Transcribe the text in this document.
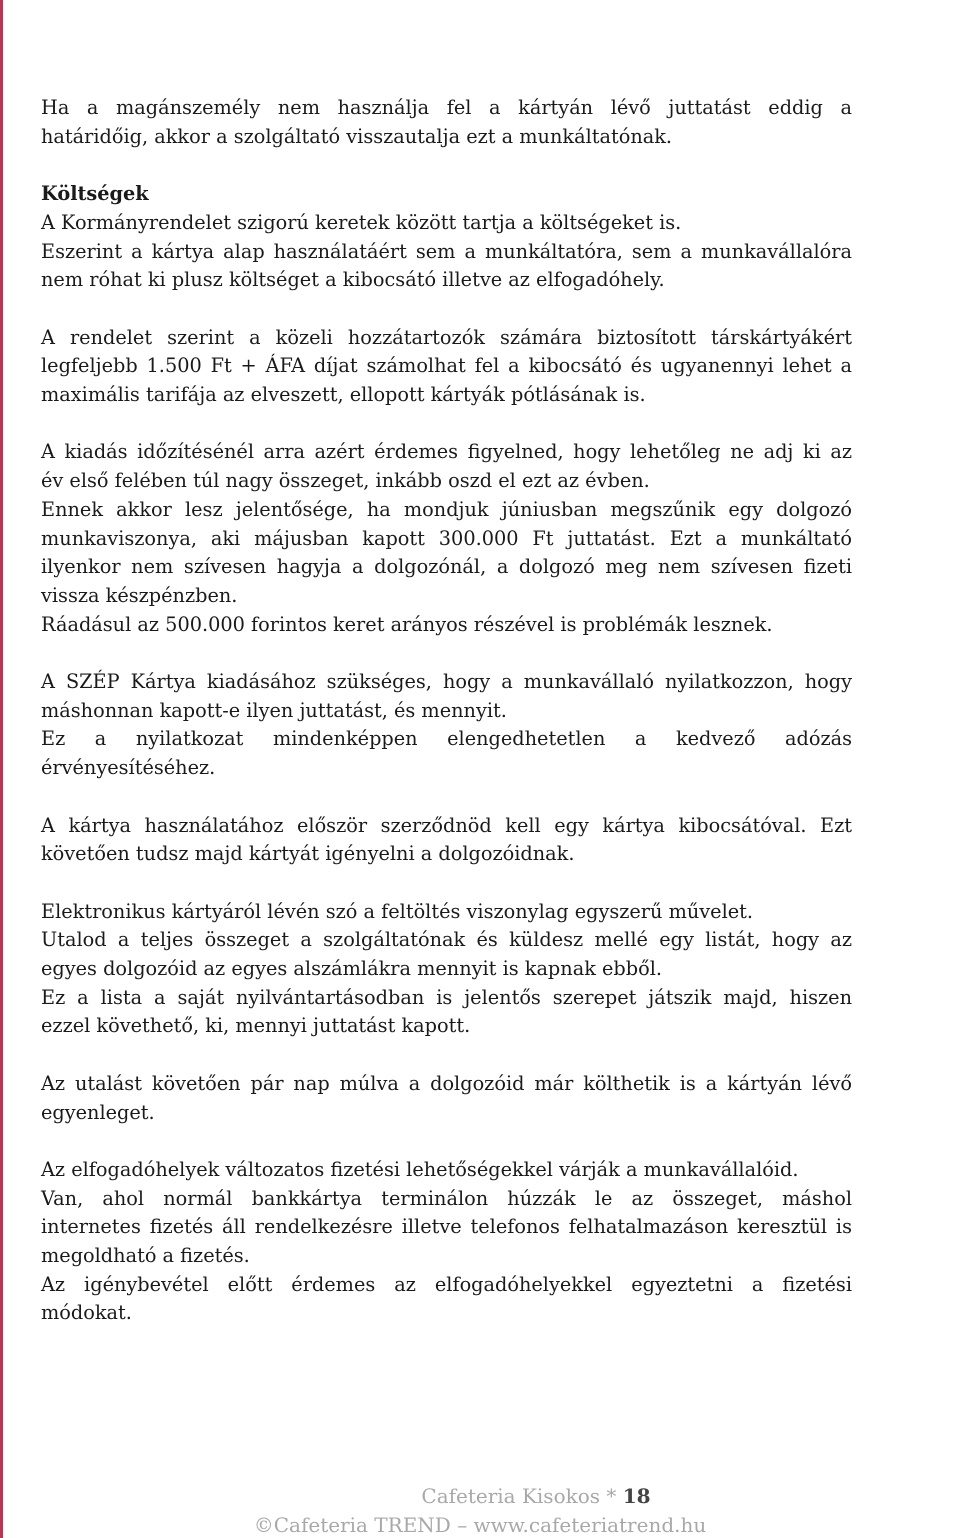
Ha a magánszemély nem használja fel a kártyán lévő juttatást eddig a
határidőig, akkor a szolgáltató visszautalja ezt a munkáltatónak.
Költségek
A Kormányrendelet szigorú keretek között tartja a költségeket is.
Eszerint a kártya alap használatáért sem a munkáltatóra, sem a munkavállalóra
nem róhat ki plusz költséget a kibocsátó illetve az elfogadóhely.
A rendelet szerint a közeli hozzátartozók számára biztosított társkártyákért
legfeljebb 1.500 Ft + ÁFA díjat számolhat fel a kibocsátó és ugyanennyi lehet a
maximális tarifája az elveszett, ellopott kártyák pótlásának is.
A kiadás időzítésénél arra azért érdemes figyelned, hogy lehetőleg ne adj ki az
év első felében túl nagy összeget, inkább oszd el ezt az évben.
Ennek akkor lesz jelentősége, ha mondjuk júniusban megszűnik egy dolgozó
munkaviszonya, aki májusban kapott 300.000 Ft juttatást. Ezt a munkáltató
ilyenkor nem szívesen hagyja a dolgozónál, a dolgozó meg nem szívesen fizeti
vissza készpénzben.
Ráadásul az 500.000 forintos keret arányos részével is problémák lesznek.
A SZÉP Kártya kiadásához szükséges, hogy a munkavállaló nyilatkozzon, hogy
máshonnan kapott-e ilyen juttatást, és mennyit.
Ez a nyilatkozat mindenképpen elengedhetetlen a kedvező adózás
érvényesítéséhez.
A kártya használatához először szerződnöd kell egy kártya kibocsátóval. Ezt
követően tudsz majd kártyát igényelni a dolgozóidnak.
Elektronikus kártyáról lévén szó a feltöltés viszonylag egyszerű művelet.
Utalod a teljes összeget a szolgáltatónak és küldesz mellé egy listát, hogy az
egyes dolgozóid az egyes alszámlákra mennyit is kapnak ebből.
Ez a lista a saját nyilvántartásodban is jelentős szerepet játszik majd, hiszen
ezzel követhető, ki, mennyi juttatást kapott.
Az utalást követően pár nap múlva a dolgozóid már költhetik is a kártyán lévő
egyenleget.
Az elfogadóhelyek változatos fizetési lehetőségekkel várják a munkavállalóid.
Van, ahol normál bankkártya terminálon húzzák le az összeget, máshol
internetes fizetés áll rendelkezésre illetve telefonos felhatalmazáson keresztül is
megoldható a fizetés.
Az igénybevétel előtt érdemes az elfogadóhelyekkel egyeztetni a fizetési
módokat.
Cafeteria Kisokos * 18
©Cafeteria TREND – www.cafeteriatrend.hu
